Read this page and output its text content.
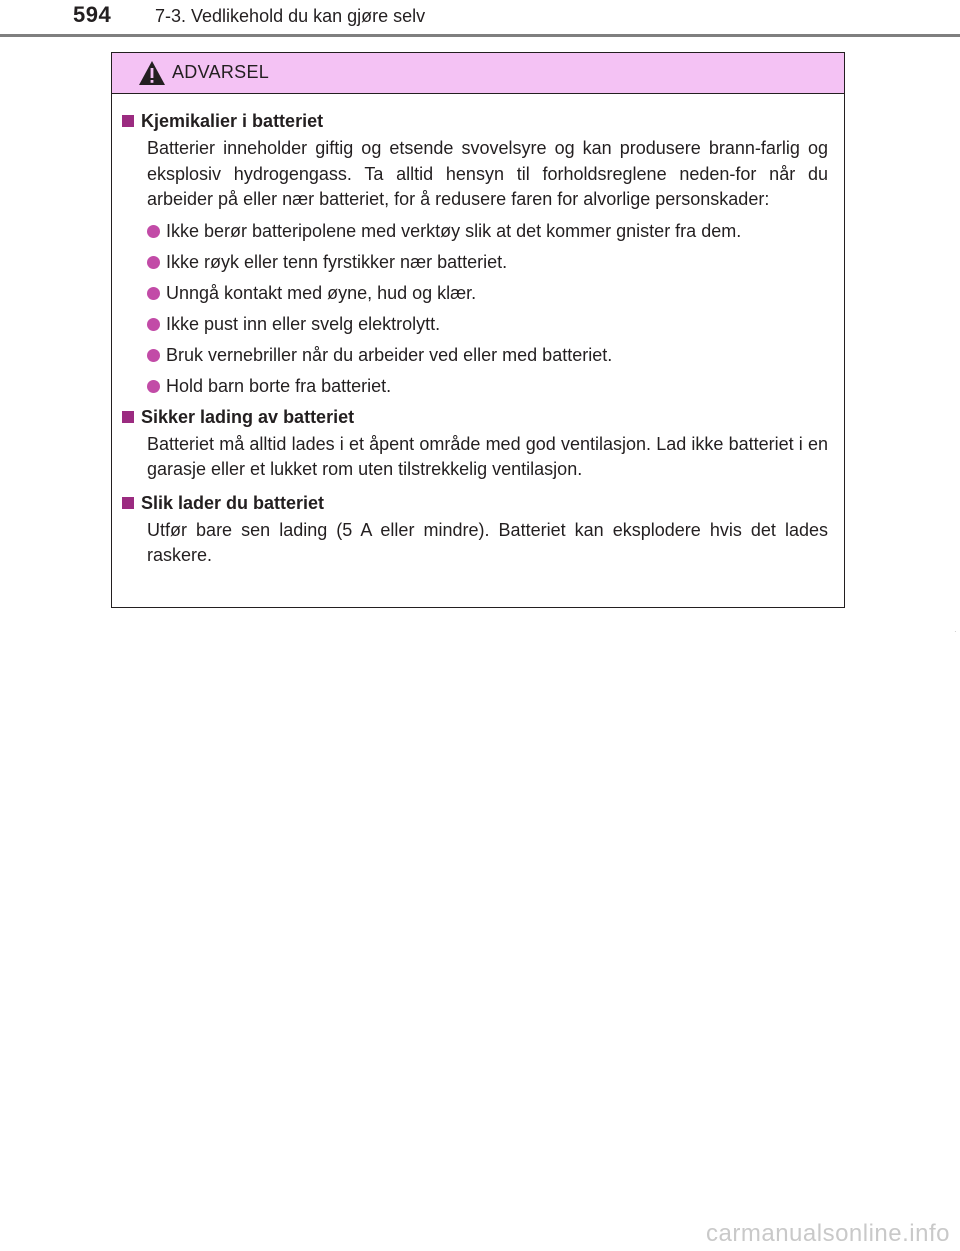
594 7-3. Vedlikehold du kan gjøre selv
ADVARSEL
Kjemikalier i batteriet

Batterier inneholder giftig og etsende svovelsyre og kan produsere brann-farlig og eksplosiv hydrogengass. Ta alltid hensyn til forholdsreglene neden-for når du arbeider på eller nær batteriet, for å redusere faren for alvorlige personskader:

Ikke berør batteripolene med verktøy slik at det kommer gnister fra dem.
Ikke røyk eller tenn fyrstikker nær batteriet.
Unngå kontakt med øyne, hud og klær.
Ikke pust inn eller svelg elektrolytt.
Bruk vernebriller når du arbeider ved eller med batteriet.
Hold barn borte fra batteriet.
Sikker lading av batteriet

Batteriet må alltid lades i et åpent område med god ventilasjon. Lad ikke batteriet i en garasje eller et lukket rom uten tilstrekkelig ventilasjon.

Slik lader du batteriet

Utfør bare sen lading (5 A eller mindre). Batteriet kan eksplodere hvis det lades raskere.

·
carmanualsonline.info
